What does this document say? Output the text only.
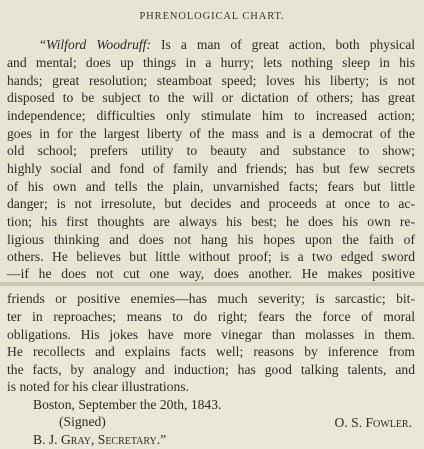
PHRENOLOGICAL CHART.
“Wilford Woodruff: Is a man of great action, both physical
and mental; does up things in a hurry; lets nothing sleep in his
hands; great resolution; steamboat speed; loves his liberty; is not
disposed to be subject to the will or dictation of others; has great
independence; difficulties only stimulate him to increased action;
goes in for the largest liberty of the mass and is a democrat of the
old school; prefers utility to beauty and substance to show;
highly social and fond of family and friends; has but few secrets
of his own and tells the plain, unvarnished facts; fears but little
danger; is not irresolute, but decides and proceeds at once to ac-
tion; his first thoughts are always his best; he does his own re-
ligious thinking and does not hang his hopes upon the faith of
others. He believes but little without proof; is a two edged sword
—if he does not cut one way, does another. He makes positive
friends or positive enemies—has much severity; is sarcastic; bit-
ter in reproaches; means to do right; fears the force of moral
obligations. His jokes have more vinegar than molasses in them.
He recollects and explains facts well; reasons by inference from
the facts, by analogy and induction; has good talking talents, and
is noted for his clear illustrations.
Boston, September the 20th, 1843.
(Signed)	O. S. Fowler.
B. J. Gray, Secretary.”
